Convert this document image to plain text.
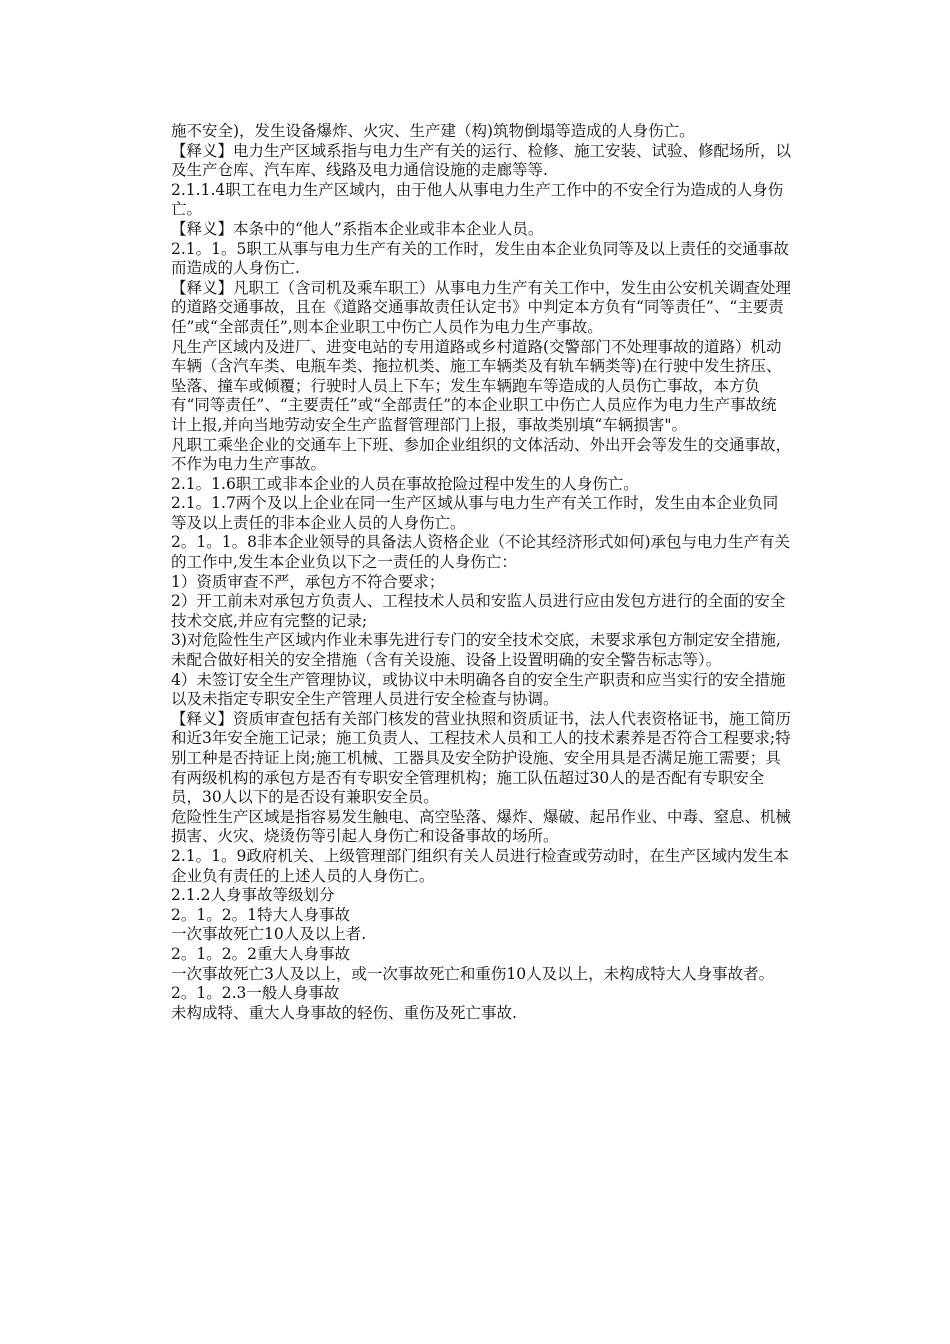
施不安全)，发生设备爆炸、火灾、生产建（构)筑物倒塌等造成的人身伤亡。

【释义】电力生产区域系指与电力生产有关的运行、检修、施工安装、试验、修配场所，以及生产仓库、汽车库、线路及电力通信设施的走廊等等.

2.1.1.4职工在电力生产区域内，由于他人从事电力生产工作中的不安全行为造成的人身伤亡。

【释义】本条中的“他人”系指本企业或非本企业人员。

2.1。1。5职工从事与电力生产有关的工作时，发生由本企业负同等及以上责任的交通事故而造成的人身伤亡.

【释义】凡职工（含司机及乘车职工）从事电力生产有关工作中，发生由公安机关调查处理的道路交通事故，且在《道路交通事故责任认定书》中判定本方负有“同等责任”、“主要责任”或“全部责任”,则本企业职工中伤亡人员作为电力生产事故。

凡生产区域内及进厂、进变电站的专用道路或乡村道路(交警部门不处理事故的道路）机动车辆（含汽车类、电瓶车类、拖拉机类、施工车辆类及有轨车辆类等)在行驶中发生挤压、坠落、撞车或倾覆；行驶时人员上下车；发生车辆跑车等造成的人员伤亡事故，本方负有“同等责任”、“主要责任”或“全部责任”的本企业职工中伤亡人员应作为电力生产事故统计上报,并向当地劳动安全生产监督管理部门上报，事故类别填“车辆损害"。

凡职工乘坐企业的交通车上下班、参加企业组织的文体活动、外出开会等发生的交通事故，不作为电力生产事故。

2.1。1.6职工或非本企业的人员在事故抢险过程中发生的人身伤亡。

2.1。1.7两个及以上企业在同一生产区域从事与电力生产有关工作时，发生由本企业负同等及以上责任的非本企业人员的人身伤亡。

2。1。1。8非本企业领导的具备法人资格企业（不论其经济形式如何)承包与电力生产有关的工作中,发生本企业负以下之一责任的人身伤亡：

1）资质审查不严，承包方不符合要求；

2）开工前未对承包方负责人、工程技术人员和安监人员进行应由发包方进行的全面的安全技术交底,并应有完整的记录;

3)对危险性生产区域内作业未事先进行专门的安全技术交底，未要求承包方制定安全措施,未配合做好相关的安全措施（含有关设施、设备上设置明确的安全警告标志等）。

4）未签订安全生产管理协议，或协议中未明确各自的安全生产职责和应当实行的安全措施以及未指定专职安全生产管理人员进行安全检查与协调。

【释义】资质审查包括有关部门核发的营业执照和资质证书，法人代表资格证书，施工简历和近3年安全施工记录；施工负责人、工程技术人员和工人的技术素养是否符合工程要求;特别工种是否持证上岗;施工机械、工器具及安全防护设施、安全用具是否满足施工需要；具有两级机构的承包方是否有专职安全管理机构；施工队伍超过30人的是否配有专职安全员，30人以下的是否设有兼职安全员。

危险性生产区域是指容易发生触电、高空坠落、爆炸、爆破、起吊作业、中毒、窒息、机械损害、火灾、烧烫伤等引起人身伤亡和设备事故的场所。

2.1。1。9政府机关、上级管理部门组织有关人员进行检查或劳动时，在生产区域内发生本企业负有责任的上述人员的人身伤亡。

2.1.2人身事故等级划分

2。1。2。1特大人身事故

一次事故死亡10人及以上者.

2。1。2。2重大人身事故

一次事故死亡3人及以上，或一次事故死亡和重伤10人及以上，未构成特大人身事故者。

2。1。2.3一般人身事故

未构成特、重大人身事故的轻伤、重伤及死亡事故.
